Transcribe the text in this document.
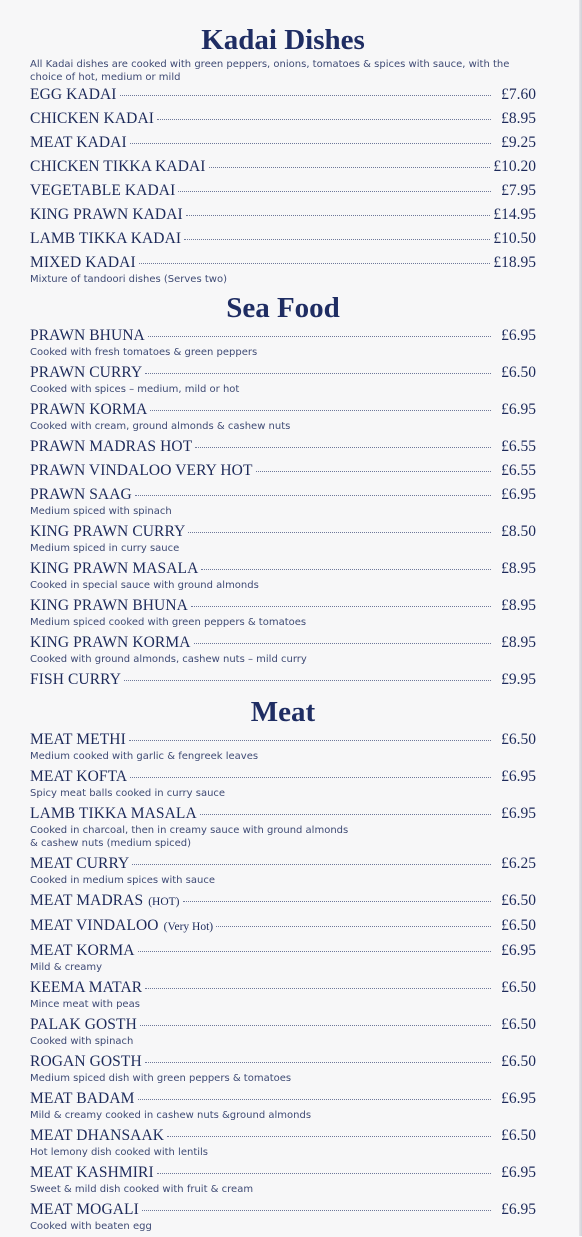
Kadai Dishes
All Kadai dishes are cooked with green peppers, onions, tomatoes & spices with sauce, with the
choice of hot, medium or mild
EGG KADAI	£7.60
CHICKEN KADAI	£8.95
MEAT KADAI	£9.25
CHICKEN TIKKA KADAI	£10.20
VEGETABLE KADAI	£7.95
KING PRAWN KADAI	£14.95
LAMB TIKKA KADAI	£10.50
MIXED KADAI	£18.95
Mixture of tandoori dishes (Serves two)
Sea Food
PRAWN BHUNA	£6.95
Cooked with fresh tomatoes & green peppers
PRAWN CURRY	£6.50
Cooked with spices – medium, mild or hot
PRAWN KORMA	£6.95
Cooked with cream, ground almonds & cashew nuts
PRAWN MADRAS HOT	£6.55
PRAWN VINDALOO VERY HOT	£6.55
PRAWN SAAG	£6.95
Medium spiced with spinach
KING PRAWN CURRY	£8.50
Medium spiced in curry sauce
KING PRAWN MASALA	£8.95
Cooked in special sauce with ground almonds
KING PRAWN BHUNA	£8.95
Medium spiced cooked with green peppers & tomatoes
KING PRAWN KORMA	£8.95
Cooked with ground almonds, cashew nuts – mild curry
FISH CURRY	£9.95
Meat
MEAT METHI	£6.50
Medium cooked with garlic & fengreek leaves
MEAT KOFTA	£6.95
Spicy meat balls cooked in curry sauce
LAMB TIKKA MASALA	£6.95
Cooked in charcoal, then in creamy sauce with ground almonds
& cashew nuts (medium spiced)
MEAT CURRY	£6.25
Cooked in medium spices with sauce
MEAT MADRAS (HOT)	£6.50
MEAT VINDALOO (Very Hot)	£6.50
MEAT KORMA	£6.95
Mild & creamy
KEEMA MATAR	£6.50
Mince meat with peas
PALAK GOSTH	£6.50
Cooked with spinach
ROGAN GOSTH	£6.50
Medium spiced dish with green peppers & tomatoes
MEAT BADAM	£6.95
Mild & creamy cooked in cashew nuts &ground almonds
MEAT DHANSAAK	£6.50
Hot lemony dish cooked with lentils
MEAT KASHMIRI	£6.95
Sweet & mild dish cooked with fruit & cream
MEAT MOGALI	£6.95
Cooked with beaten egg
